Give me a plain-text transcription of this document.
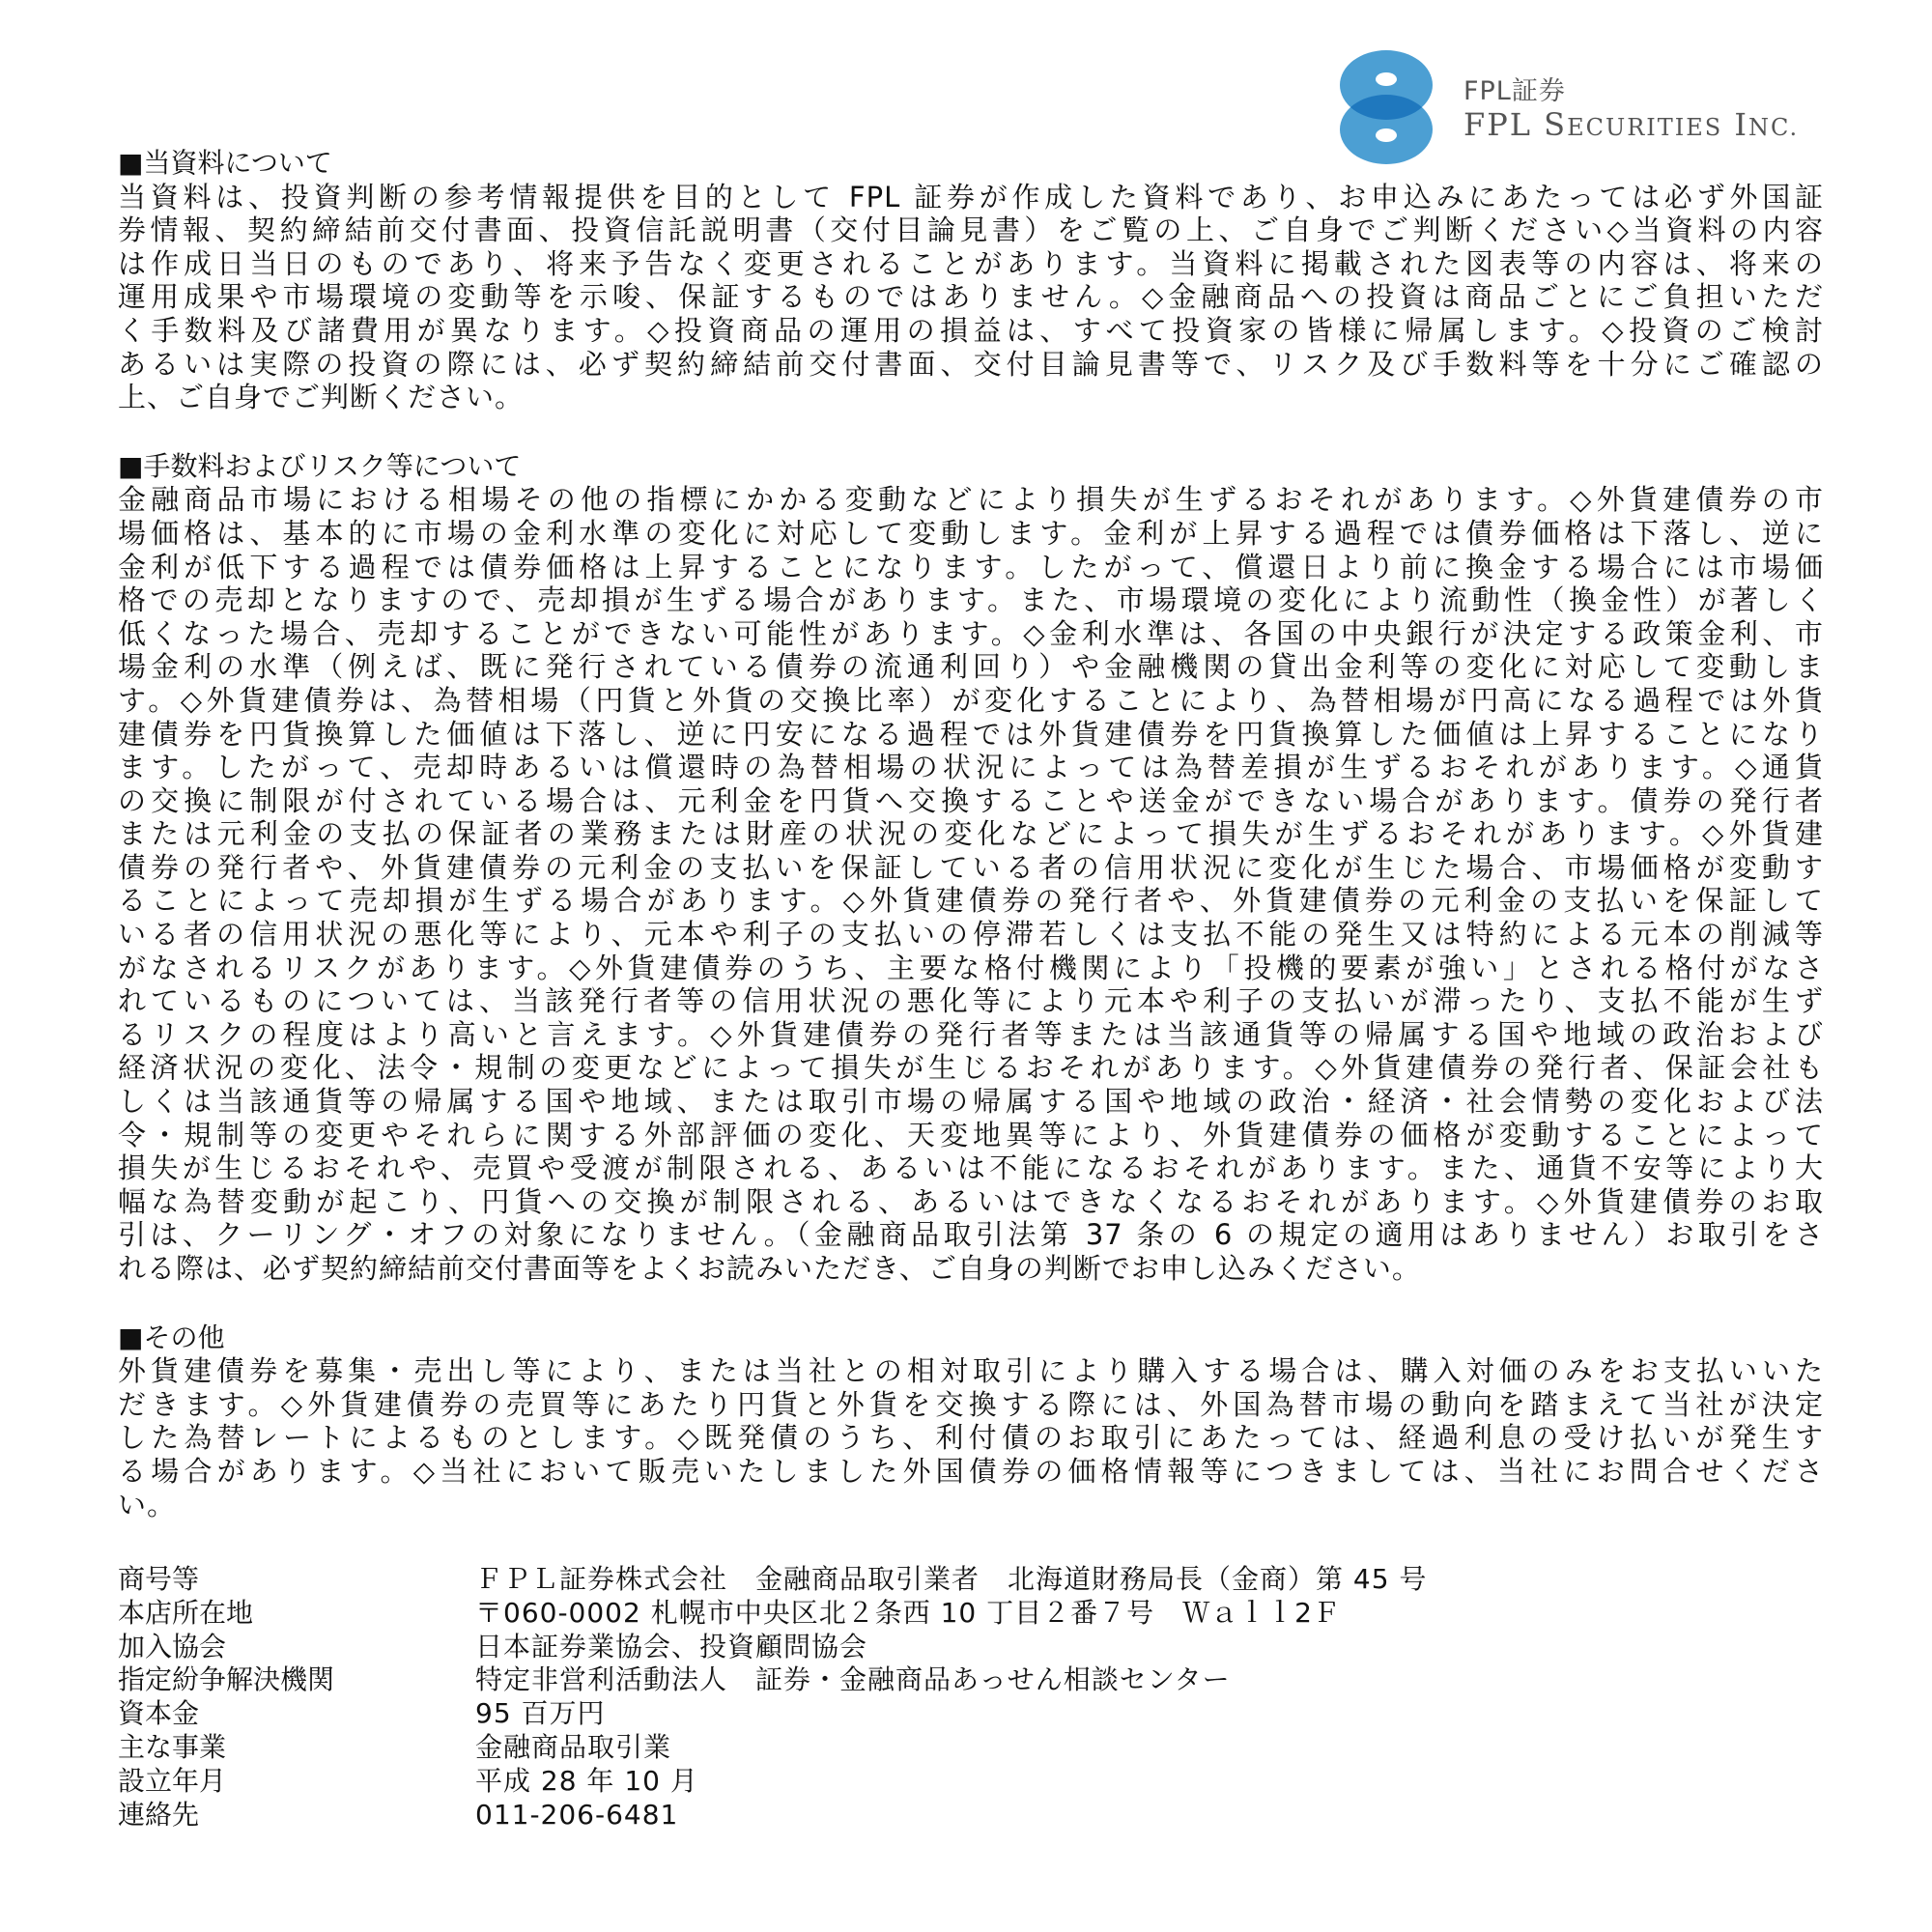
FPL証券
FPL SECURITIES INC.
■当資料について
当資料は、投資判断の参考情報提供を目的として FPL 証券が作成した資料であり、お申込みにあたっては必ず外国証
券情報、契約締結前交付書面、投資信託説明書（交付目論見書）をご覧の上、ご自身でご判断ください◇当資料の内容
は作成日当日のものであり、将来予告なく変更されることがあります。当資料に掲載された図表等の内容は、将来の
運用成果や市場環境の変動等を示唆、保証するものではありません。◇金融商品への投資は商品ごとにご負担いただ
く手数料及び諸費用が異なります。◇投資商品の運用の損益は、すべて投資家の皆様に帰属します。◇投資のご検討
あるいは実際の投資の際には、必ず契約締結前交付書面、交付目論見書等で、リスク及び手数料等を十分にご確認の
上、ご自身でご判断ください。
■手数料およびリスク等について
金融商品市場における相場その他の指標にかかる変動などにより損失が生ずるおそれがあります。◇外貨建債券の市
場価格は、基本的に市場の金利水準の変化に対応して変動します。金利が上昇する過程では債券価格は下落し、逆に
金利が低下する過程では債券価格は上昇することになります。したがって、償還日より前に換金する場合には市場価
格での売却となりますので、売却損が生ずる場合があります。また、市場環境の変化により流動性（換金性）が著しく
低くなった場合、売却することができない可能性があります。◇金利水準は、各国の中央銀行が決定する政策金利、市
場金利の水準（例えば、既に発行されている債券の流通利回り）や金融機関の貸出金利等の変化に対応して変動しま
す。◇外貨建債券は、為替相場（円貨と外貨の交換比率）が変化することにより、為替相場が円高になる過程では外貨
建債券を円貨換算した価値は下落し、逆に円安になる過程では外貨建債券を円貨換算した価値は上昇することになり
ます。したがって、売却時あるいは償還時の為替相場の状況によっては為替差損が生ずるおそれがあります。◇通貨
の交換に制限が付されている場合は、元利金を円貨へ交換することや送金ができない場合があります。債券の発行者
または元利金の支払の保証者の業務または財産の状況の変化などによって損失が生ずるおそれがあります。◇外貨建
債券の発行者や、外貨建債券の元利金の支払いを保証している者の信用状況に変化が生じた場合、市場価格が変動す
ることによって売却損が生ずる場合があります。◇外貨建債券の発行者や、外貨建債券の元利金の支払いを保証して
いる者の信用状況の悪化等により、元本や利子の支払いの停滞若しくは支払不能の発生又は特約による元本の削減等
がなされるリスクがあります。◇外貨建債券のうち、主要な格付機関により「投機的要素が強い」とされる格付がなさ
れているものについては、当該発行者等の信用状況の悪化等により元本や利子の支払いが滞ったり、支払不能が生ず
るリスクの程度はより高いと言えます。◇外貨建債券の発行者等または当該通貨等の帰属する国や地域の政治および
経済状況の変化、法令・規制の変更などによって損失が生じるおそれがあります。◇外貨建債券の発行者、保証会社も
しくは当該通貨等の帰属する国や地域、または取引市場の帰属する国や地域の政治・経済・社会情勢の変化および法
令・規制等の変更やそれらに関する外部評価の変化、天変地異等により、外貨建債券の価格が変動することによって
損失が生じるおそれや、売買や受渡が制限される、あるいは不能になるおそれがあります。また、通貨不安等により大
幅な為替変動が起こり、円貨への交換が制限される、あるいはできなくなるおそれがあります。◇外貨建債券のお取
引は、クーリング・オフの対象になりません。（金融商品取引法第 37 条の 6 の規定の適用はありません）お取引をさ
れる際は、必ず契約締結前交付書面等をよくお読みいただき、ご自身の判断でお申し込みください。
■その他
外貨建債券を募集・売出し等により、または当社との相対取引により購入する場合は、購入対価のみをお支払いいた
だきます。◇外貨建債券の売買等にあたり円貨と外貨を交換する際には、外国為替市場の動向を踏まえて当社が決定
した為替レートによるものとします。◇既発債のうち、利付債のお取引にあたっては、経過利息の受け払いが発生す
る場合があります。◇当社において販売いたしました外国債券の価格情報等につきましては、当社にお問合せくださ
い。
商号等	ＦＰＬ証券株式会社　金融商品取引業者　北海道財務局長（金商）第 45 号
本店所在地	〒060-0002 札幌市中央区北２条西 10 丁目２番７号　Ｗａｌｌ2Ｆ
加入協会	日本証券業協会、投資顧問協会
指定紛争解決機関	特定非営利活動法人　証券・金融商品あっせん相談センター
資本金	95 百万円
主な事業	金融商品取引業
設立年月	平成 28 年 10 月
連絡先	011-206-6481
